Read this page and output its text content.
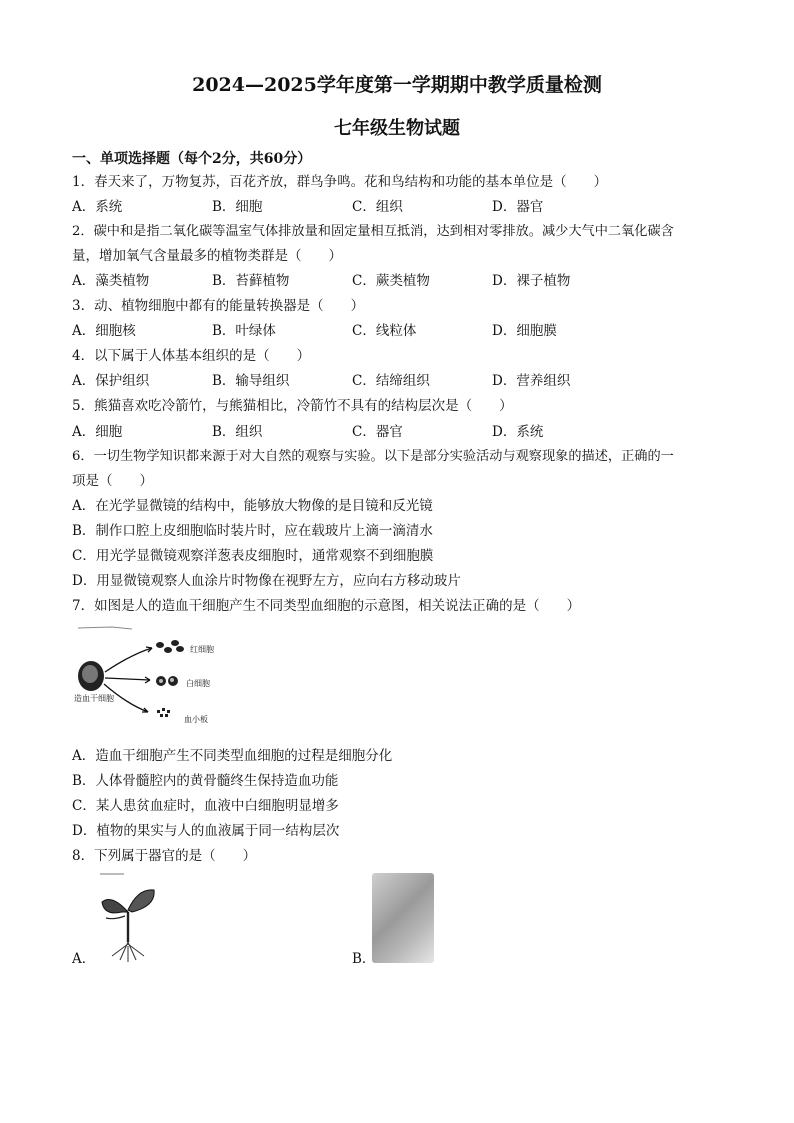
2024—2025学年度第一学期期中教学质量检测
七年级生物试题
一、单项选择题（每个2分，共60分）
1．春天来了，万物复苏，百花齐放，群鸟争鸣。花和鸟结构和功能的基本单位是（　　）
A．系统	B．细胞	C．组织	D．器官
2．碳中和是指二氧化碳等温室气体排放量和固定量相互抵消，达到相对零排放。减少大气中二氧化碳含
量，增加氧气含量最多的植物类群是（　　）
A．藻类植物	B．苔藓植物	C．蕨类植物	D．裸子植物
3．动、植物细胞中都有的能量转换器是（　　）
A．细胞核	B．叶绿体	C．线粒体	D．细胞膜
4．以下属于人体基本组织的是（　　）
A．保护组织	B．输导组织	C．结缔组织	D．营养组织
5．熊猫喜欢吃冷箭竹，与熊猫相比，冷箭竹不具有的结构层次是（　　）
A．细胞	B．组织	C．器官	D．系统
6．一切生物学知识都来源于对大自然的观察与实验。以下是部分实验活动与观察现象的描述，正确的一
项是（　　）
A．在光学显微镜的结构中，能够放大物像的是目镜和反光镜
B．制作口腔上皮细胞临时装片时，应在载玻片上滴一滴清水
C．用光学显微镜观察洋葱表皮细胞时，通常观察不到细胞膜
D．用显微镜观察人血涂片时物像在视野左方，应向右方移动玻片
7．如图是人的造血干细胞产生不同类型血细胞的示意图，相关说法正确的是（　　）
造血干细胞
红细胞
白细胞
血小板
A．造血干细胞产生不同类型血细胞的过程是细胞分化
B．人体骨髓腔内的黄骨髓终生保持造血功能
C．某人患贫血症时，血液中白细胞明显增多
D．植物的果实与人的血液属于同一结构层次
8．下列属于器官的是（　　）
A．	B．
